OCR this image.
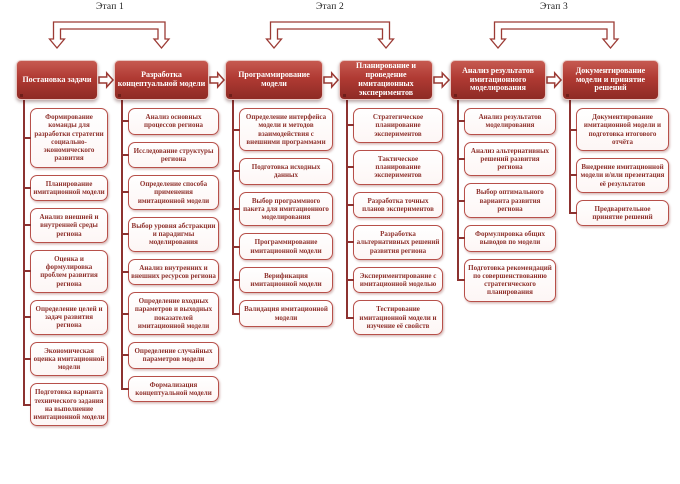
Этап 1	Этап 2	Этап 3
Постановка задачи
Формирование команды для разработки стратегии социально-экономического развития
Планирование имитационной модели
Анализ внешней и внутренней среды региона
Оценка и формулировка проблем развития региона
Определение целей и задач развития региона
Экономическая оценка имитационной модели
Подготовка варианта технического задания на выполнение имитационной модели
Разработка концептуальной модели
Анализ основных процессов региона
Исследование структуры региона
Определение способа применения имитационной модели
Выбор уровня абстракции и парадигмы моделирования
Анализ внутренних и внешних ресурсов региона
Определение входных параметров и выходных показателей имитационной модели
Определение случайных параметров модели
Формализация концептуальной модели
Программирование модели
Определение интерфейса модели и методов взаимодействия с внешними программами
Подготовка исходных данных
Выбор программного пакета для имитационного моделирования
Программирование имитационной модели
Верификация имитационной модели
Валидация имитационной модели
Планирование и проведение имитационных экспериментов
Стратегическое планирование экспериментов
Тактическое планирование экспериментов
Разработка точных планов экспериментов
Разработка альтернативных решений развития региона
Экспериментирование с имитационной моделью
Тестирование имитационной модели и изучение её свойств
Анализ результатов имитационного моделирования
Анализ результатов моделирования
Анализ альтернативных решений развития региона
Выбор оптимального варианта развития региона
Формулировка общих выводов по модели
Подготовка рекомендаций по совершенствованию стратегического планирования
Документирование модели и принятие решений
Документирование имитационной модели и подготовка итогового отчёта
Внедрение имитационной модели и/или презентация её результатов
Предварительное принятие решений
